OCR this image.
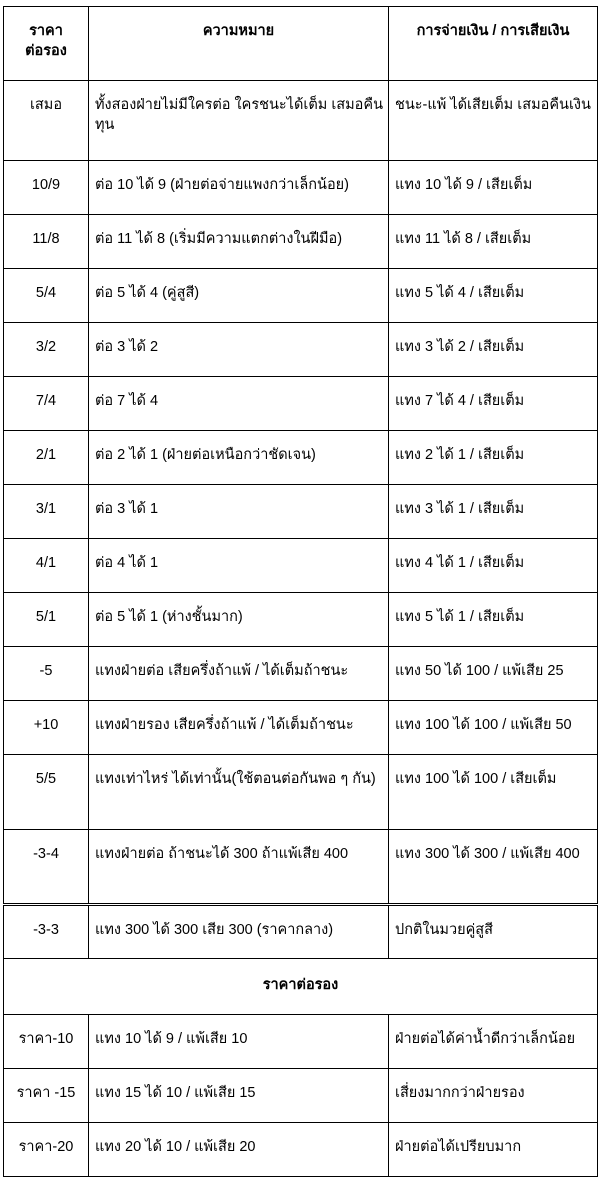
ราคา
ต่อรอง	ความหมาย	การจ่ายเงิน / การเสียเงิน
เสมอ	ทั้งสองฝ่ายไม่มีใครต่อ ใครชนะได้เต็ม เสมอคืนทุน	ชนะ-แพ้ ได้เสียเต็ม เสมอคืนเงิน
10/9	ต่อ 10 ได้ 9 (ฝ่ายต่อจ่ายแพงกว่าเล็กน้อย)	แทง 10 ได้ 9 / เสียเต็ม
11/8	ต่อ 11 ได้ 8 (เริ่มมีความแตกต่างในฝีมือ)	แทง 11 ได้ 8 / เสียเต็ม
5/4	ต่อ 5 ได้ 4 (คู่สูสี)	แทง 5 ได้ 4 / เสียเต็ม
3/2	ต่อ 3 ได้ 2	แทง 3 ได้ 2 / เสียเต็ม
7/4	ต่อ 7 ได้ 4	แทง 7 ได้ 4 / เสียเต็ม
2/1	ต่อ 2 ได้ 1 (ฝ่ายต่อเหนือกว่าชัดเจน)	แทง 2 ได้ 1 / เสียเต็ม
3/1	ต่อ 3 ได้ 1	แทง 3 ได้ 1 / เสียเต็ม
4/1	ต่อ 4 ได้ 1	แทง 4 ได้ 1 / เสียเต็ม
5/1	ต่อ 5 ได้ 1 (ห่างชั้นมาก)	แทง 5 ได้ 1 / เสียเต็ม
-5	แทงฝ่ายต่อ เสียครึ่งถ้าแพ้ / ได้เต็มถ้าชนะ	แทง 50 ได้ 100 / แพ้เสีย 25
+10	แทงฝ่ายรอง เสียครึ่งถ้าแพ้ / ได้เต็มถ้าชนะ	แทง 100 ได้ 100 / แพ้เสีย 50
5/5	แทงเท่าไหร่ ได้เท่านั้น(ใช้ตอนต่อกันพอ ๆ กัน)	แทง 100 ได้ 100 / เสียเต็ม
-3-4	แทงฝ่ายต่อ ถ้าชนะได้ 300 ถ้าแพ้เสีย 400	แทง 300 ได้ 300 / แพ้เสีย 400
-3-3	แทง 300 ได้ 300 เสีย 300 (ราคากลาง)	ปกติในมวยคู่สูสี
ราคาต่อรอง		
ราคา-10	แทง 10 ได้ 9 / แพ้เสีย 10	ฝ่ายต่อได้ค่าน้ำดีกว่าเล็กน้อย
ราคา -15	แทง 15 ได้ 10 / แพ้เสีย 15	เสี่ยงมากกว่าฝ่ายรอง
ราคา-20	แทง 20 ได้ 10 / แพ้เสีย 20	ฝ่ายต่อได้เปรียบมาก
